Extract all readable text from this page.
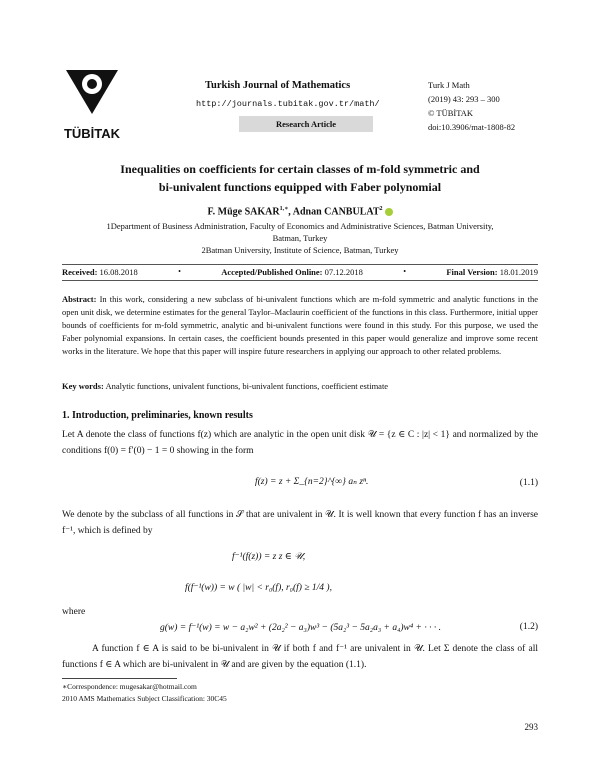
TÜBİTAK
Turkish Journal of Mathematics
http://journals.tubitak.gov.tr/math/
Research Article
Turk J Math
(2019) 43: 293 – 300
© TÜBİTAK
doi:10.3906/mat-1808-82
Inequalities on coefficients for certain classes of m-fold symmetric and
bi-univalent functions equipped with Faber polynomial
F. Müge $SAKAR^{1,∗}$, Adnan CANBULAT$^2$
1Department of Business Administration, Faculty of Economics and Administrative Sciences, Batman University,
Batman, Turkey
2Batman University, Institute of Science, Batman, Turkey
Received: 16.08.2018	•	Accepted/Published Online: 07.12.2018	•	Final Version: 18.01.2019
Abstract: In this work, considering a new subclass of bi-univalent functions which are m-fold symmetric and analytic functions in the open unit disk, we determine estimates for the general Taylor–Maclaurin coefficient of the functions in this class. Furthermore, initial upper bounds of coefficients for m-fold symmetric, analytic and bi-univalent functions were found in this study. For this purpose, we used the Faber polynomial expansions. In certain cases, the coefficient bounds presented in this paper would generalize and improve some recent works in the literature. We hope that this paper will inspire future researchers in applying our approach to other related problems.
Key words: Analytic functions, univalent functions, bi-univalent functions, coefficient estimate
1. Introduction, preliminaries, known results
Let A denote the class of functions f(z) which are analytic in the open unit disk 𝒰 = {z ∈ C : |z| < 1} and normalized by the conditions f(0) = f′(0) − 1 = 0 showing in the form
f(z) = z + Σ_{n=2}^{∞} aₙ zⁿ.	(1.1)
We denote by the subclass of all functions in 𝒮 that are univalent in 𝒰. It is well known that every function f has an inverse f⁻¹, which is defined by
f⁻¹(f(z)) = z z ∈ 𝒰,
f(f⁻¹(w)) = w ( |w| < r₀(f), r₀(f) ≥ 1/4 ),
where
g(w) = f⁻¹(w) = w − a₂w² + (2a₂² − a₃)w³ − (5a₂³ − 5a₂a₃ + a₄)w⁴ + · · · .	(1.2)
A function f ∈ A is said to be bi-univalent in 𝒰 if both f and f⁻¹ are univalent in 𝒰. Let Σ denote the class of all functions f ∈ A which are bi-univalent in 𝒰 and are given by the equation (1.1).
∗Correspondence: mugesakar@hotmail.com
2010 AMS Mathematics Subject Classification: 30C45
293
